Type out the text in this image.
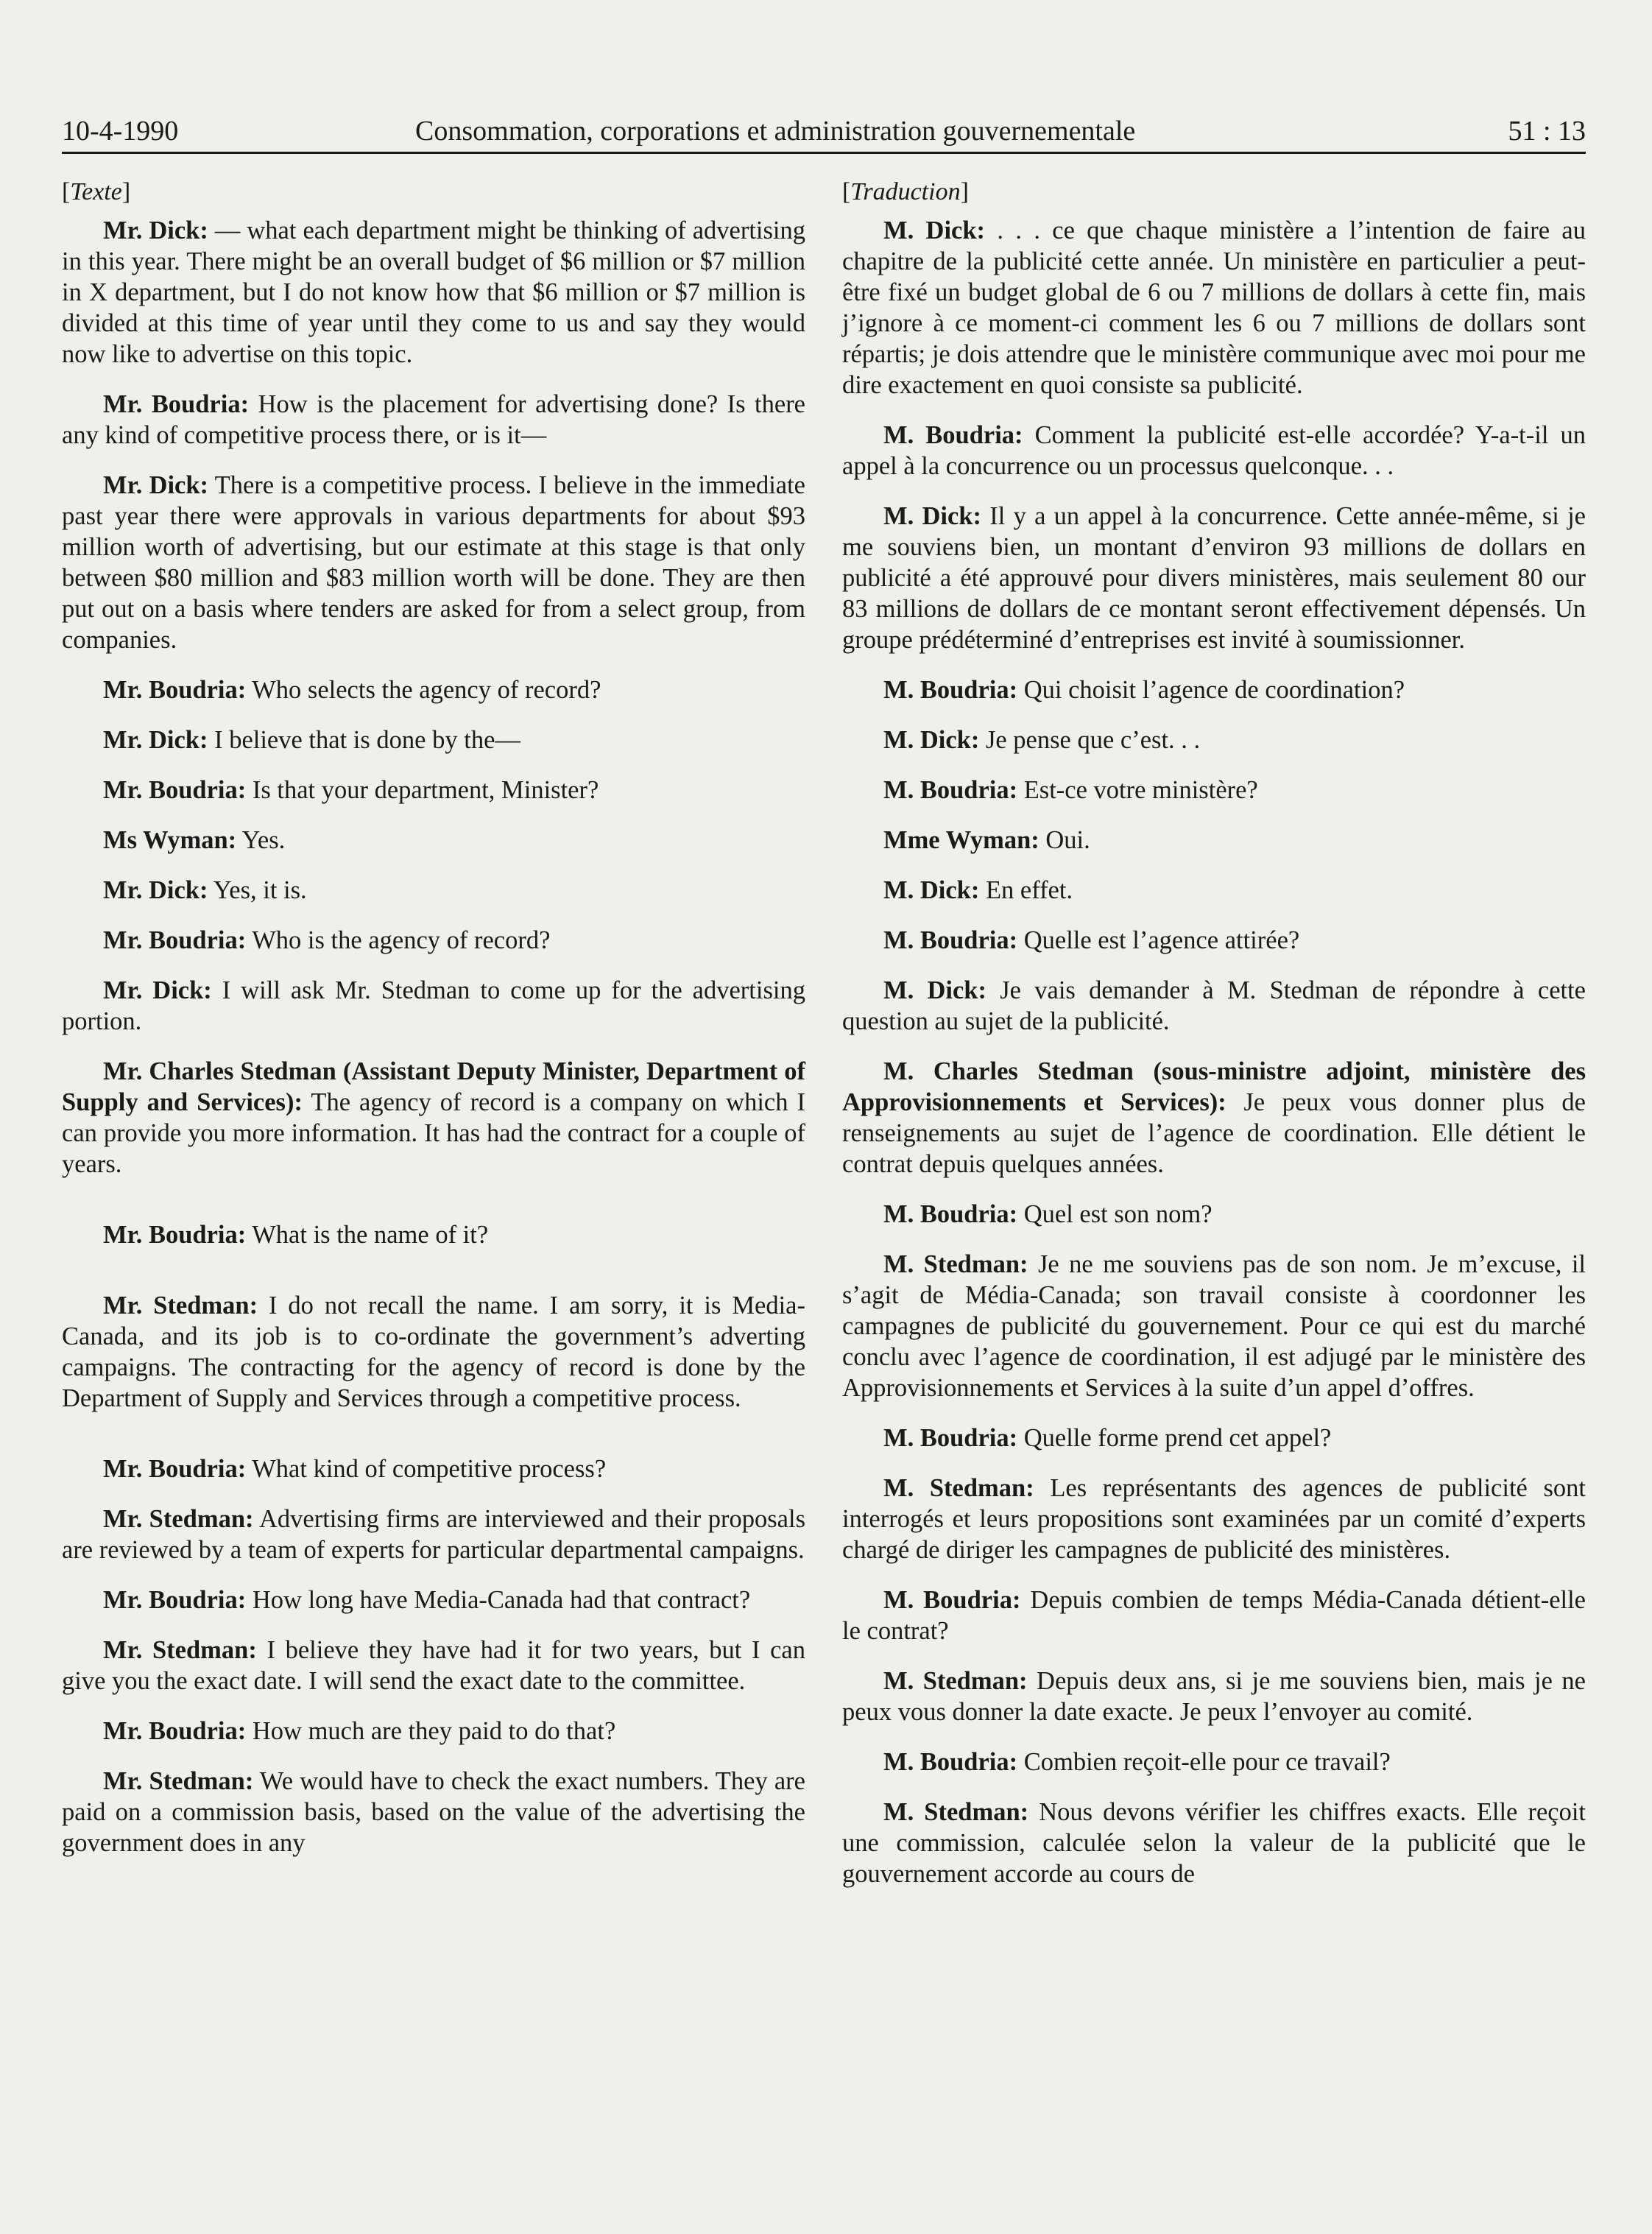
10-4-1990	Consommation, corporations et administration gouvernementale	51 : 13
[ Texte ]

Mr. Dick: — what each department might be thinking of advertising in this year. There might be an overall budget of $6 million or $7 million in X department, but I do not know how that $6 million or $7 million is divided at this time of year until they come to us and say they would now like to advertise on this topic.

Mr. Boudria: How is the placement for advertising done? Is there any kind of competitive process there, or is it—

Mr. Dick: There is a competitive process. I believe in the immediate past year there were approvals in various departments for about $93 million worth of advertising, but our estimate at this stage is that only between $80 million and $83 million worth will be done. They are then put out on a basis where tenders are asked for from a select group, from companies.

Mr. Boudria: Who selects the agency of record?

Mr. Dick: I believe that is done by the—

Mr. Boudria: Is that your department, Minister?

Ms Wyman: Yes.

Mr. Dick: Yes, it is.

Mr. Boudria: Who is the agency of record?

Mr. Dick: I will ask Mr. Stedman to come up for the advertising portion.

Mr. Charles Stedman (Assistant Deputy Minister, Department of Supply and Services): The agency of record is a company on which I can provide you more information. It has had the contract for a couple of years.

Mr. Boudria: What is the name of it?

Mr. Stedman: I do not recall the name. I am sorry, it is Media-Canada, and its job is to co-ordinate the government’s adverting campaigns. The contracting for the agency of record is done by the Department of Supply and Services through a competitive process.

Mr. Boudria: What kind of competitive process?

Mr. Stedman: Advertising firms are interviewed and their proposals are reviewed by a team of experts for particular departmental campaigns.

Mr. Boudria: How long have Media-Canada had that contract?

Mr. Stedman: I believe they have had it for two years, but I can give you the exact date. I will send the exact date to the committee.

Mr. Boudria: How much are they paid to do that?

Mr. Stedman: We would have to check the exact numbers. They are paid on a commission basis, based on the value of the advertising the government does in any

[ Traduction ]

M. Dick: . . . ce que chaque ministère a l’intention de faire au chapitre de la publicité cette année. Un ministère en particulier a peut-être fixé un budget global de 6 ou 7 millions de dollars à cette fin, mais j’ignore à ce moment-ci comment les 6 ou 7 millions de dollars sont répartis; je dois attendre que le ministère communique avec moi pour me dire exactement en quoi consiste sa publicité.

M. Boudria: Comment la publicité est-elle accordée? Y-a-t-il un appel à la concurrence ou un processus quelconque. . .

M. Dick: Il y a un appel à la concurrence. Cette année-même, si je me souviens bien, un montant d’environ 93 millions de dollars en publicité a été approuvé pour divers ministères, mais seulement 80 our 83 millions de dollars de ce montant seront effectivement dépensés. Un groupe prédéterminé d’entreprises est invité à soumissionner.

M. Boudria: Qui choisit l’agence de coordination?

M. Dick: Je pense que c’est. . .

M. Boudria: Est-ce votre ministère?

Mme Wyman: Oui.

M. Dick: En effet.

M. Boudria: Quelle est l’agence attirée?

M. Dick: Je vais demander à M. Stedman de répondre à cette question au sujet de la publicité.

M. Charles Stedman (sous-ministre adjoint, ministère des Approvisionnements et Services): Je peux vous donner plus de renseignements au sujet de l’agence de coordination. Elle détient le contrat depuis quelques années.

M. Boudria: Quel est son nom?

M. Stedman: Je ne me souviens pas de son nom. Je m’excuse, il s’agit de Média-Canada; son travail consiste à coordonner les campagnes de publicité du gouvernement. Pour ce qui est du marché conclu avec l’agence de coordination, il est adjugé par le ministère des Approvisionnements et Services à la suite d’un appel d’offres.

M. Boudria: Quelle forme prend cet appel?

M. Stedman: Les représentants des agences de publicité sont interrogés et leurs propositions sont examinées par un comité d’experts chargé de diriger les campagnes de publicité des ministères.

M. Boudria: Depuis combien de temps Média-Canada détient-elle le contrat?

M. Stedman: Depuis deux ans, si je me souviens bien, mais je ne peux vous donner la date exacte. Je peux l’envoyer au comité.

M. Boudria: Combien reçoit-elle pour ce travail?

M. Stedman: Nous devons vérifier les chiffres exacts. Elle reçoit une commission, calculée selon la valeur de la publicité que le gouvernement accorde au cours de
